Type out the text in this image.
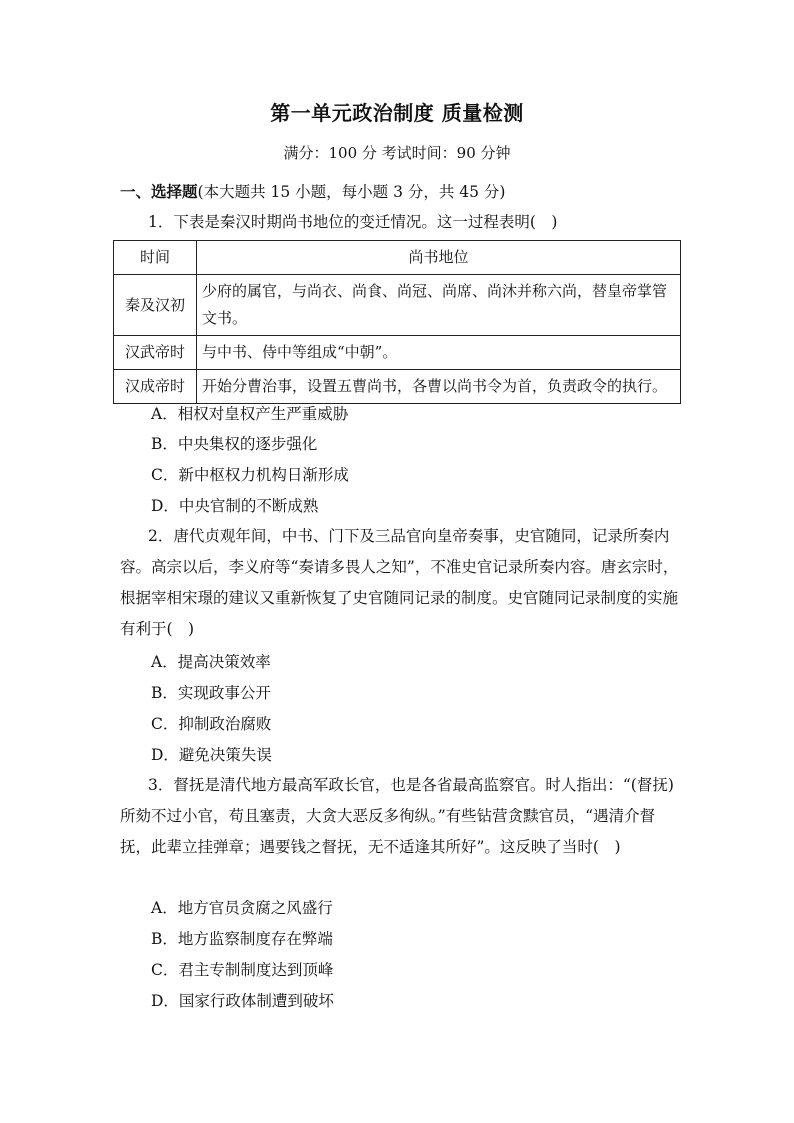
第一单元政治制度 质量检测
满分：100 分 考试时间：90 分钟
一、选择题(本大题共 15 小题，每小题 3 分，共 45 分)
1．下表是秦汉时期尚书地位的变迁情况。这一过程表明(　)
时间	尚书地位
秦及汉初	少府的属官，与尚衣、尚食、尚冠、尚席、尚沐并称六尚，替皇帝掌管文书。
汉武帝时	与中书、侍中等组成“中朝”。
汉成帝时	开始分曹治事，设置五曹尚书，各曹以尚书令为首，负责政令的执行。
A．相权对皇权产生严重威胁
B．中央集权的逐步强化
C．新中枢权力机构日渐形成
D．中央官制的不断成熟
2．唐代贞观年间，中书、门下及三品官向皇帝奏事，史官随同，记录所奏内容。高宗以后，李义府等“奏请多畏人之知”，不准史官记录所奏内容。唐玄宗时，根据宰相宋璟的建议又重新恢复了史官随同记录的制度。史官随同记录制度的实施有利于(　)
A．提高决策效率
B．实现政事公开
C．抑制政治腐败
D．避免决策失误
3．督抚是清代地方最高军政长官，也是各省最高监察官。时人指出：“(督抚)所劾不过小官，苟且塞责，大贪大恶反多徇纵。”有些钻营贪黩官员，“遇清介督抚，此辈立挂弹章；遇要钱之督抚，无不适逢其所好”。这反映了当时(　)
A．地方官员贪腐之风盛行
B．地方监察制度存在弊端
C．君主专制制度达到顶峰
D．国家行政体制遭到破坏
